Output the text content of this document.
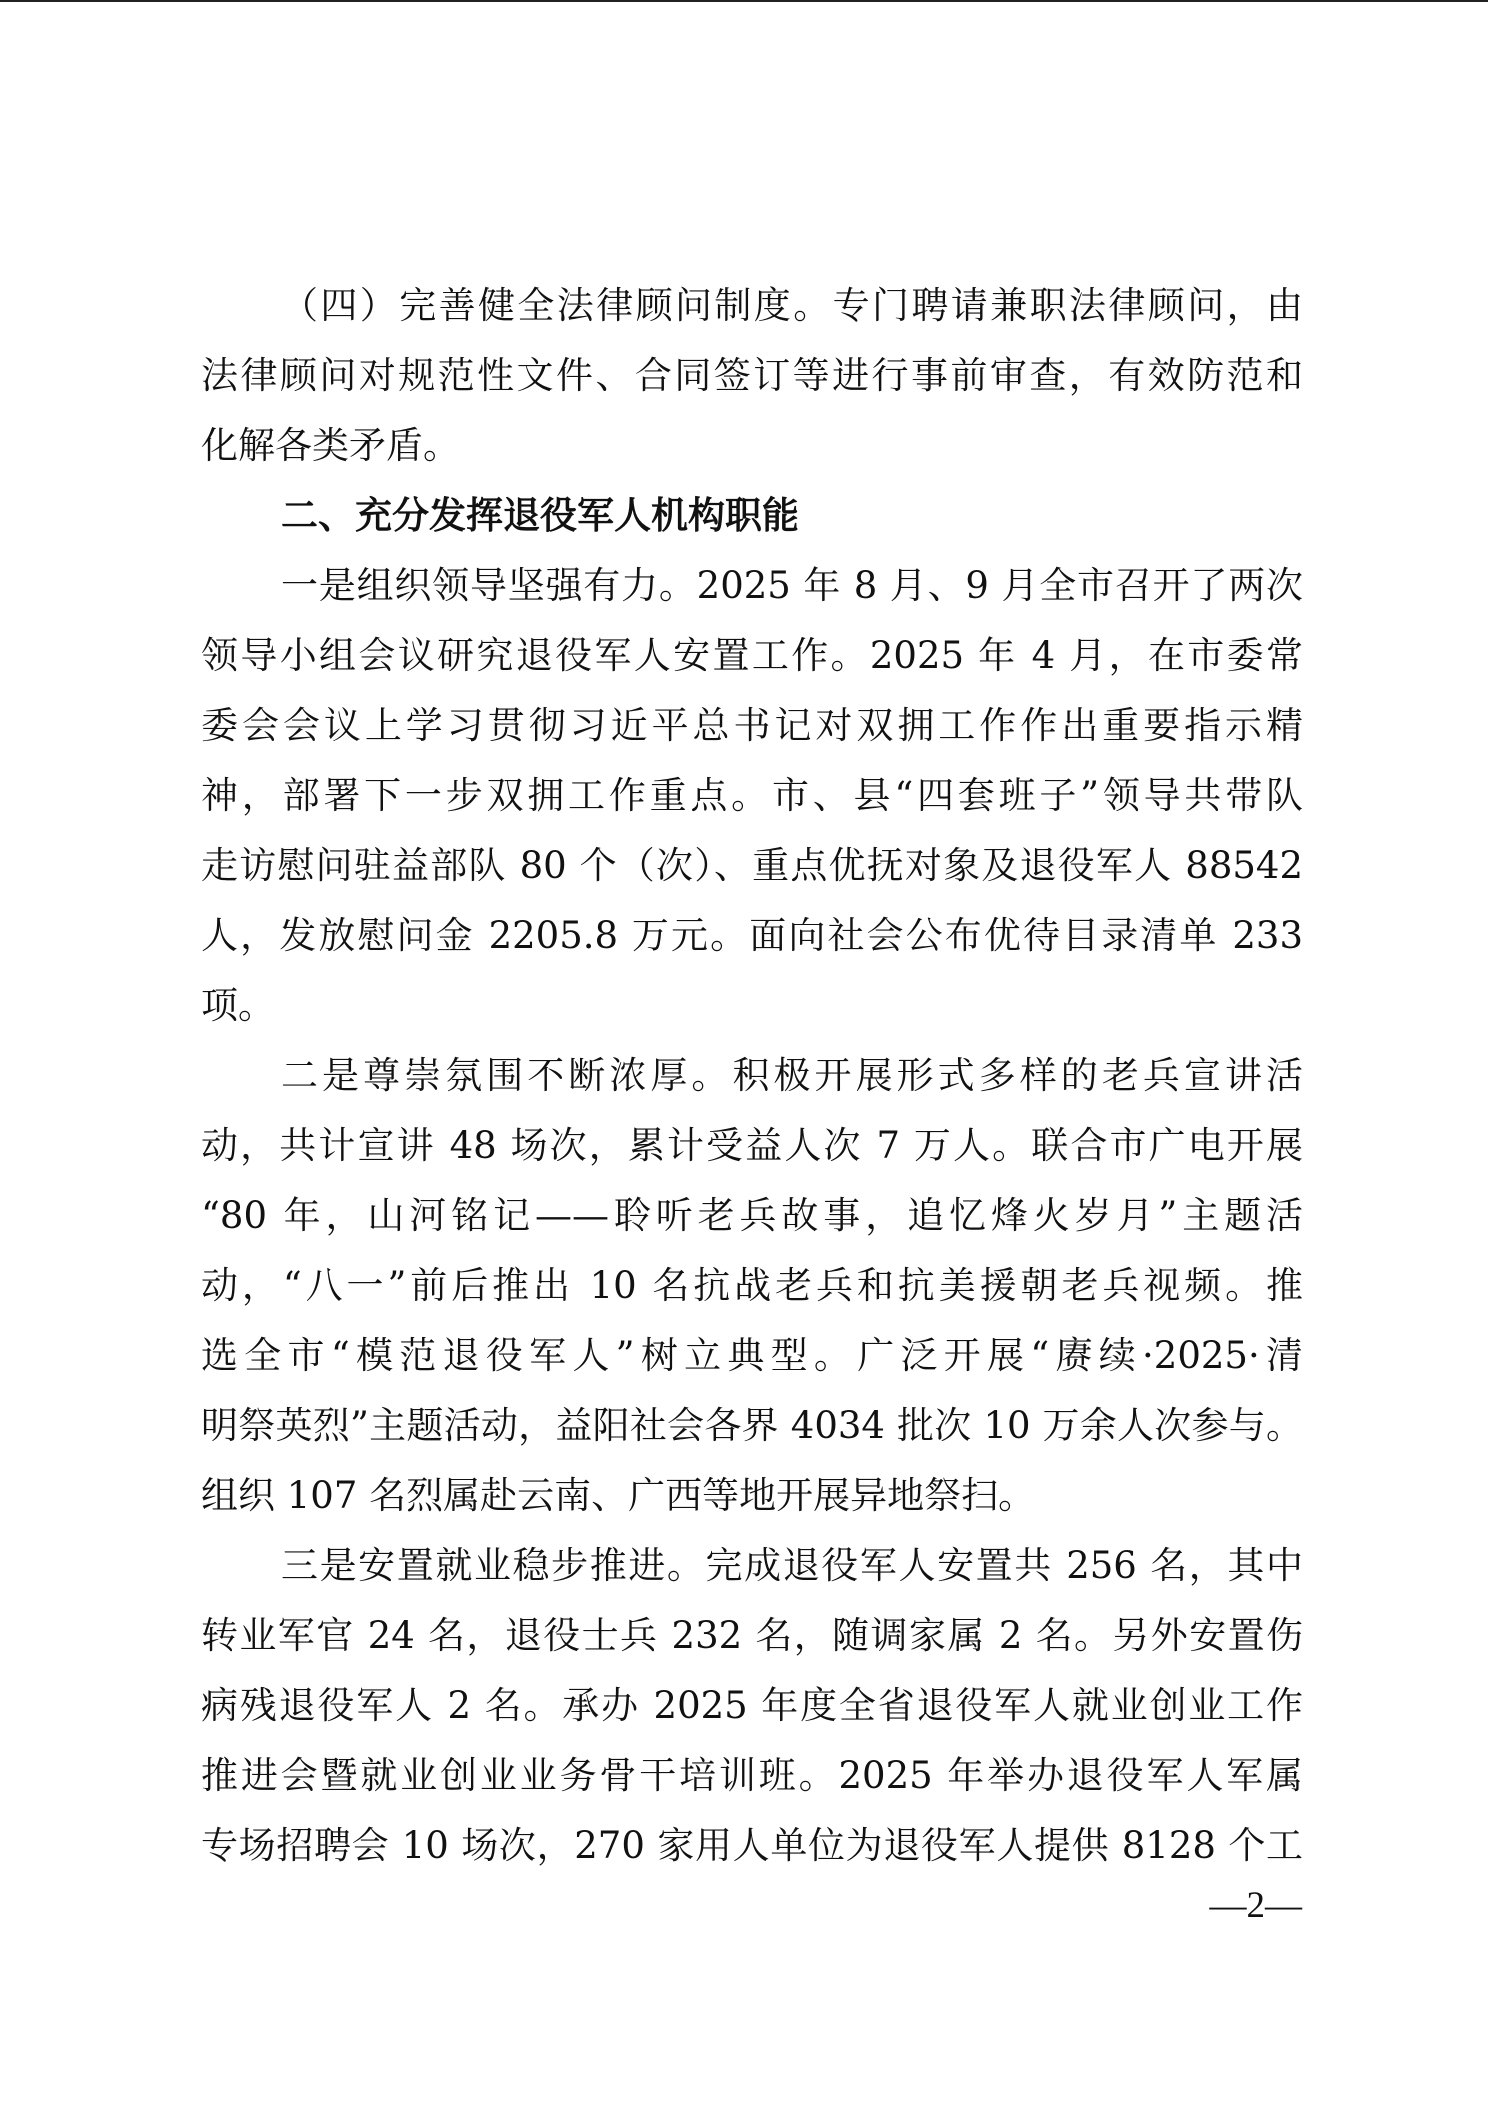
（四）完善健全法律顾问制度。专门聘请兼职法律顾问，由
法律顾问对规范性文件、合同签订等进行事前审查，有效防范和
化解各类矛盾。
二、充分发挥退役军人机构职能
一是组织领导坚强有力。2025 年 8 月、9 月全市召开了两次
领导小组会议研究退役军人安置工作。2025 年 4 月，在市委常
委会会议上学习贯彻习近平总书记对双拥工作作出重要指示精
神，部署下一步双拥工作重点。市、县“四套班子”领导共带队
走访慰问驻益部队 80 个（次）、重点优抚对象及退役军人 88542
人，发放慰问金 2205.8 万元。面向社会公布优待目录清单 233
项。
二是尊崇氛围不断浓厚。积极开展形式多样的老兵宣讲活
动，共计宣讲 48 场次，累计受益人次 7 万人。联合市广电开展
“80 年，山河铭记——聆听老兵故事，追忆烽火岁月”主题活
动，“八一”前后推出 10 名抗战老兵和抗美援朝老兵视频。推
选全市“模范退役军人”树立典型。广泛开展“赓续·2025·清
明祭英烈”主题活动，益阳社会各界 4034 批次 10 万余人次参与。
组织 107 名烈属赴云南、广西等地开展异地祭扫。
三是安置就业稳步推进。完成退役军人安置共 256 名，其中
转业军官 24 名，退役士兵 232 名，随调家属 2 名。另外安置伤
病残退役军人 2 名。承办 2025 年度全省退役军人就业创业工作
推进会暨就业创业业务骨干培训班。2025 年举办退役军人军属
专场招聘会 10 场次，270 家用人单位为退役军人提供 8128 个工
—2—
